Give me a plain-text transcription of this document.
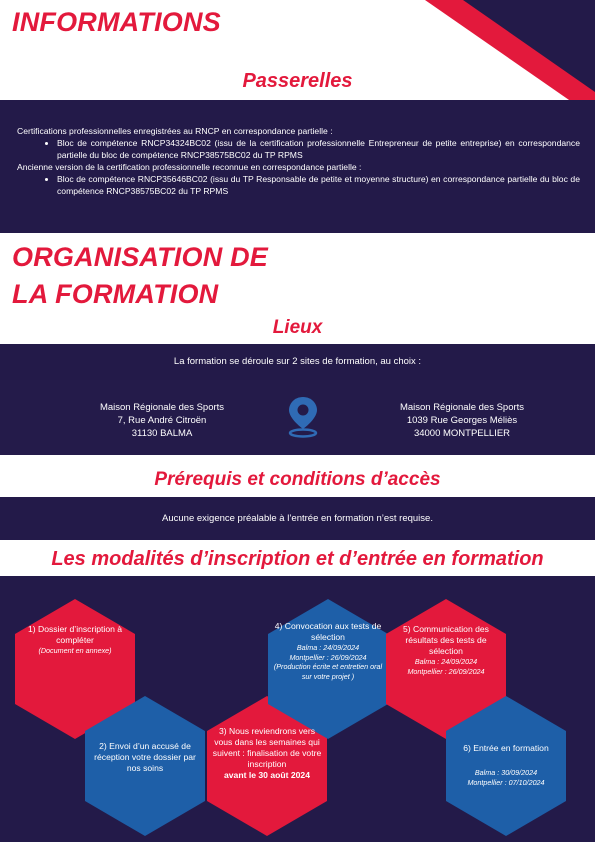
INFORMATIONS
Passerelles
Certifications professionnelles enregistrées au RNCP en correspondance partielle :
• Bloc de compétence RNCP34324BC02 (issu de la certification professionnelle Entrepreneur de petite entreprise) en correspondance partielle du bloc de compétence RNCP38575BC02 du TP RPMS
Ancienne version de la certification professionnelle reconnue en correspondance partielle :
• Bloc de compétence RNCP35646BC02 (issu du TP Responsable de petite et moyenne structure) en correspondance partielle du bloc de compétence RNCP38575BC02 du TP RPMS
ORGANISATION DE
LA FORMATION
Lieux
La formation se déroule sur 2 sites de formation, au choix :
Maison Régionale des Sports
7, Rue André Citroën
31130 BALMA
Maison Régionale des Sports
1039 Rue Georges Méliès
34000 MONTPELLIER
Prérequis et conditions d’accès
Aucune exigence préalable à l’entrée en formation n’est requise.
Les modalités d’inscription et d’entrée en formation
1) Dossier d’inscription à compléter
(Document en annexe)
2) Envoi d’un accusé de réception votre dossier par nos soins
3) Nous reviendrons vers vous dans les semaines qui suivent : finalisation de votre inscription
avant le 30 août 2024
4) Convocation aux tests de sélection
Balma : 24/09/2024
Montpellier : 26/09/2024
(Production écrite et entretien oral sur votre projet )
5) Communication des résultats des tests de sélection
Balma : 24/09/2024
Montpellier : 26/09/2024
6) Entrée en formation
Balma : 30/09/2024
Montpellier : 07/10/2024
